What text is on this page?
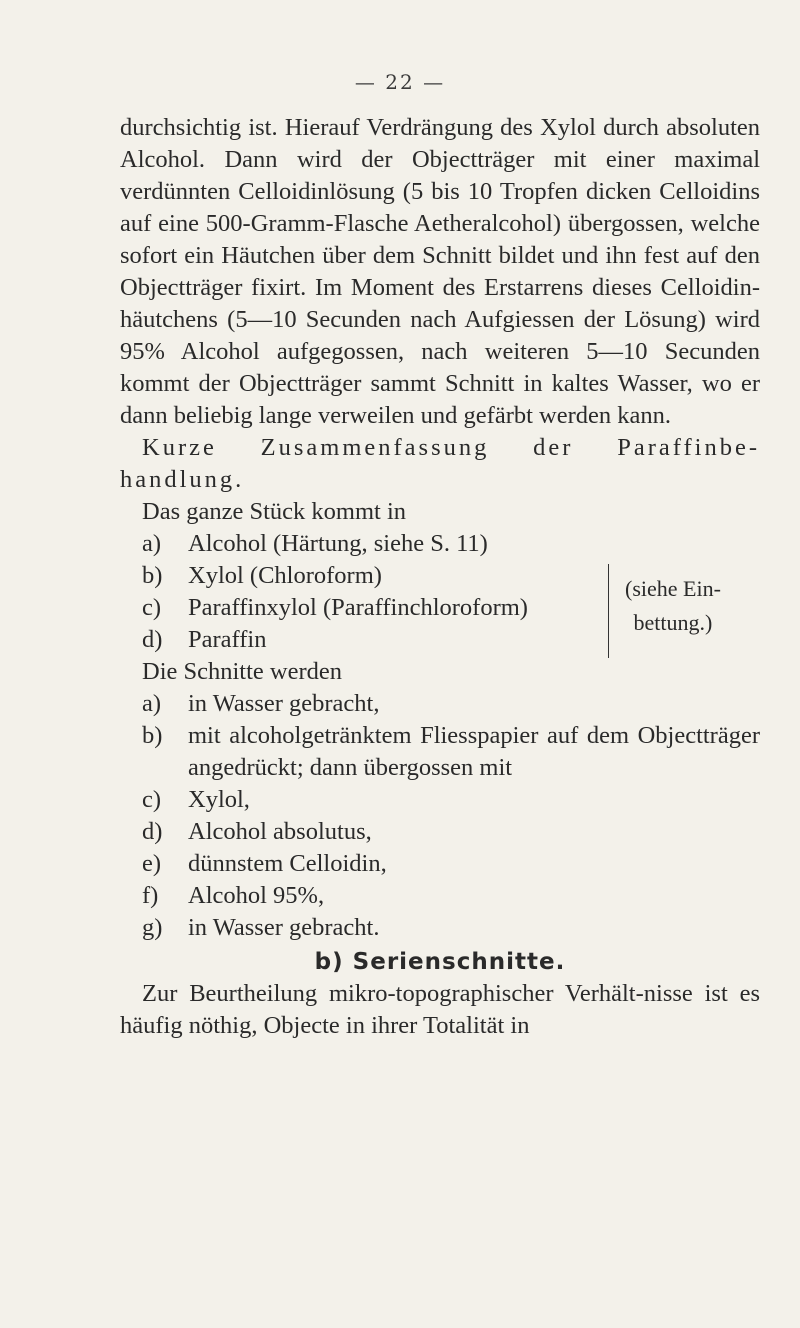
— 22 —

durchsichtig ist. Hierauf Verdrängung des Xylol durch absoluten Alcohol. Dann wird der Objectträger mit einer maximal verdünnten Celloidinlösung (5 bis 10 Tropfen dicken Celloidins auf eine 500-Gramm-Flasche Aetheralcohol) übergossen, welche sofort ein Häutchen über dem Schnitt bildet und ihn fest auf den Objectträger fixirt. Im Moment des Erstarrens dieses Celloidin-häutchens (5—10 Secunden nach Aufgiessen der Lösung) wird 95% Alcohol aufgegossen, nach weiteren 5—10 Secunden kommt der Objectträger sammt Schnitt in kaltes Wasser, wo er dann beliebig lange verweilen und gefärbt werden kann.

Kurze Zusammenfassung der Paraffinbe-handlung.

Das ganze Stück kommt in

a) Alcohol (Härtung, siehe S. 11)
b) Xylol (Chloroform)
c) Paraffinxylol (Paraffinchloroform)
d) Paraffin
(siehe Ein-
bettung.)

Die Schnitte werden

a) in Wasser gebracht,
b) mit alcoholgetränktem Fliesspapier auf dem Objectträger angedrückt; dann übergossen mit
c) Xylol,
d) Alcohol absolutus,
e) dünnstem Celloidin,
f) Alcohol 95%,
g) in Wasser gebracht.

b) Serienschnitte.

Zur Beurtheilung mikro-topographischer Verhält-nisse ist es häufig nöthig, Objecte in ihrer Totalität in
